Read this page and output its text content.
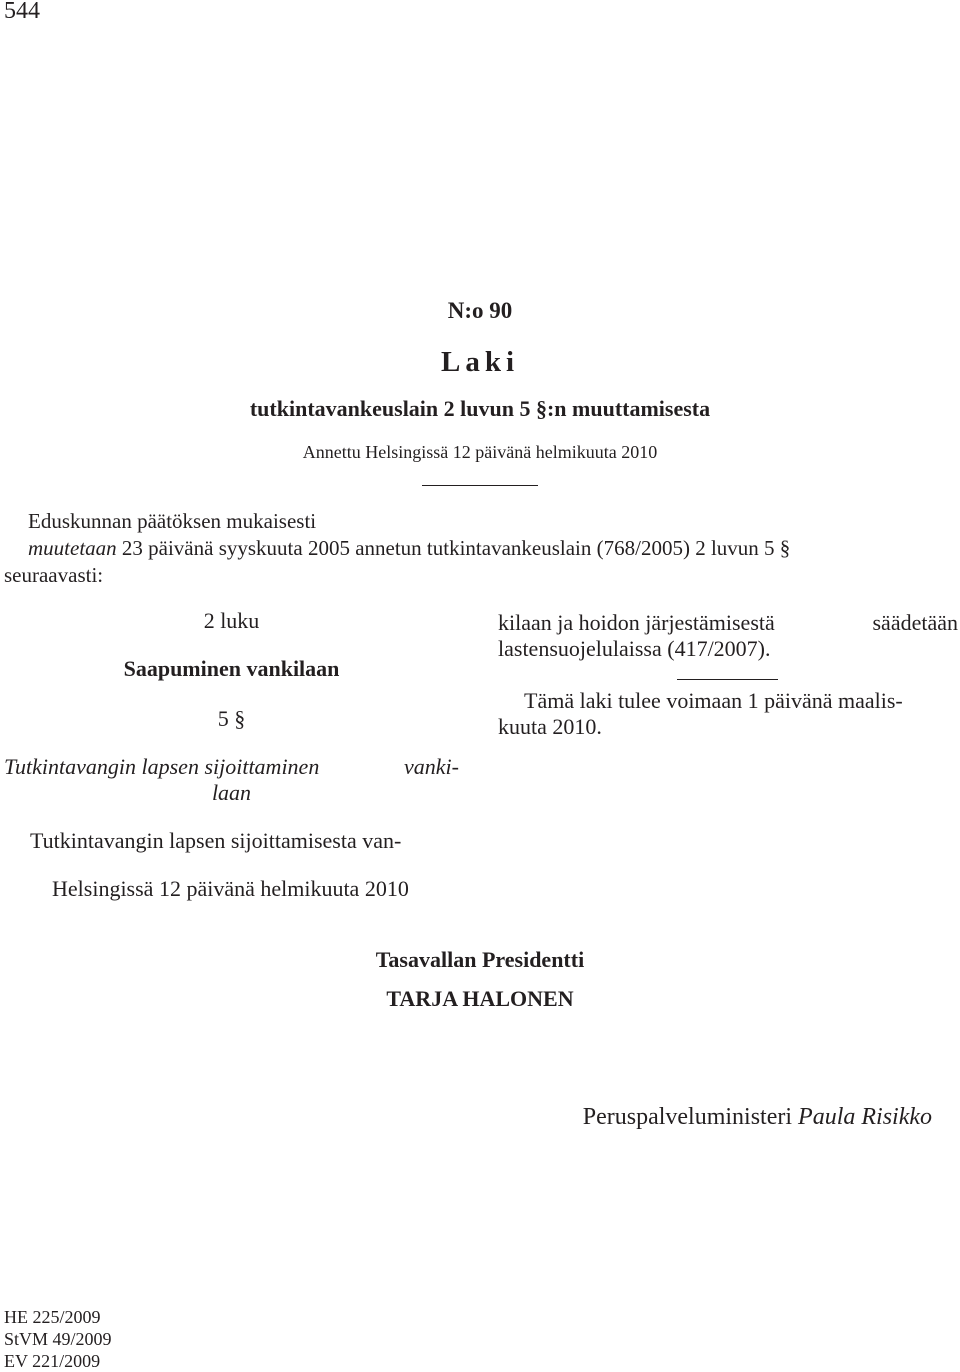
544
N:o 90
Laki
tutkintavankeuslain 2 luvun 5 §:n muuttamisesta
Annettu Helsingissä 12 päivänä helmikuuta 2010
Eduskunnan päätöksen mukaisesti
muutetaan 23 päivänä syyskuuta 2005 annetun tutkintavankeuslain (768/2005) 2 luvun 5 §
seuraavasti:
2 luku
Saapuminen vankilaan
5 §
Tutkintavangin lapsen sijoittaminen	vanki-
laan
Tutkintavangin lapsen sijoittamisesta van-
Helsingissä 12 päivänä helmikuuta 2010
kilaan ja hoidon järjestämisestä	säädetään
lastensuojelulaissa (417/2007).
Tämä laki tulee voimaan 1 päivänä maalis-
kuuta 2010.
Tasavallan Presidentti
TARJA HALONEN
Peruspalveluministeri Paula Risikko
HE 225/2009
StVM 49/2009
EV 221/2009
